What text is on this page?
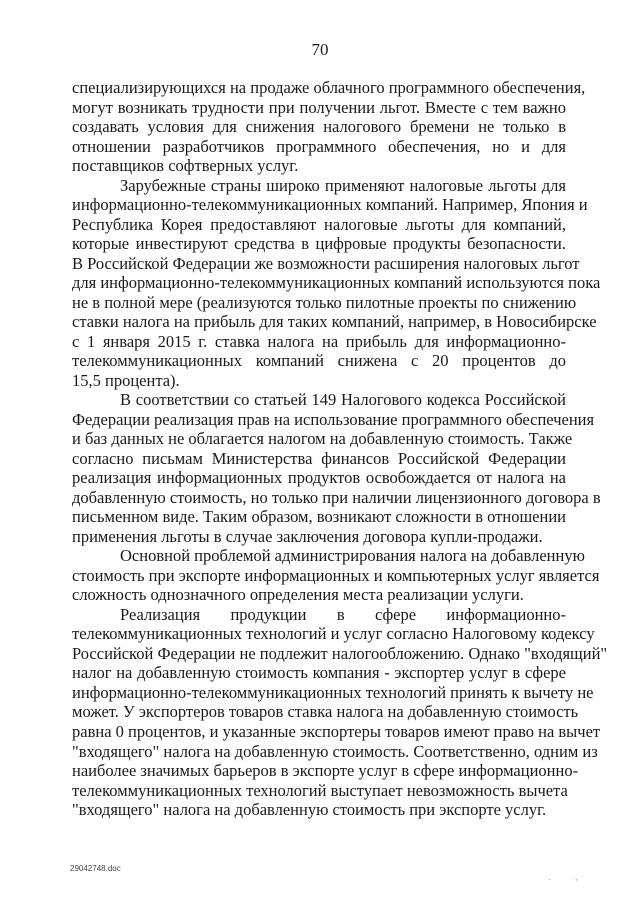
70
специализирующихся на продаже облачного программного обеспечения,
могут возникать трудности при получении льгот. Вместе с тем важно
создавать условия для снижения налогового бремени не только в
отношении разработчиков программного обеспечения, но и для
поставщиков софтверных услуг.
Зарубежные страны широко применяют налоговые льготы для
информационно-телекоммуникационных компаний. Например, Япония и
Республика Корея предоставляют налоговые льготы для компаний,
которые инвестируют средства в цифровые продукты безопасности.
В Российской Федерации же возможности расширения налоговых льгот
для информационно-телекоммуникационных компаний используются пока
не в полной мере (реализуются только пилотные проекты по снижению
ставки налога на прибыль для таких компаний, например, в Новосибирске
с 1 января 2015 г. ставка налога на прибыль для информационно-
телекоммуникационных компаний снижена с 20 процентов до
15,5 процента).
В соответствии со статьей 149 Налогового кодекса Российской
Федерации реализация прав на использование программного обеспечения
и баз данных не облагается налогом на добавленную стоимость. Также
согласно письмам Министерства финансов Российской Федерации
реализация информационных продуктов освобождается от налога на
добавленную стоимость, но только при наличии лицензионного договора в
письменном виде. Таким образом, возникают сложности в отношении
применения льготы в случае заключения договора купли-продажи.
Основной проблемой администрирования налога на добавленную
стоимость при экспорте информационных и компьютерных услуг является
сложность однозначного определения места реализации услуги.
Реализация продукции в сфере информационно-
телекоммуникационных технологий и услуг согласно Налоговому кодексу
Российской Федерации не подлежит налогообложению. Однако "входящий"
налог на добавленную стоимость компания - экспортер услуг в сфере
информационно-телекоммуникационных технологий принять к вычету не
может. У экспортеров товаров ставка налога на добавленную стоимость
равна 0 процентов, и указанные экспортеры товаров имеют право на вычет
"входящего" налога на добавленную стоимость. Соответственно, одним из
наиболее значимых барьеров в экспорте услуг в сфере информационно-
телекоммуникационных технологий выступает невозможность вычета
"входящего" налога на добавленную стоимость при экспорте услуг.
29042748.doc
.	,
